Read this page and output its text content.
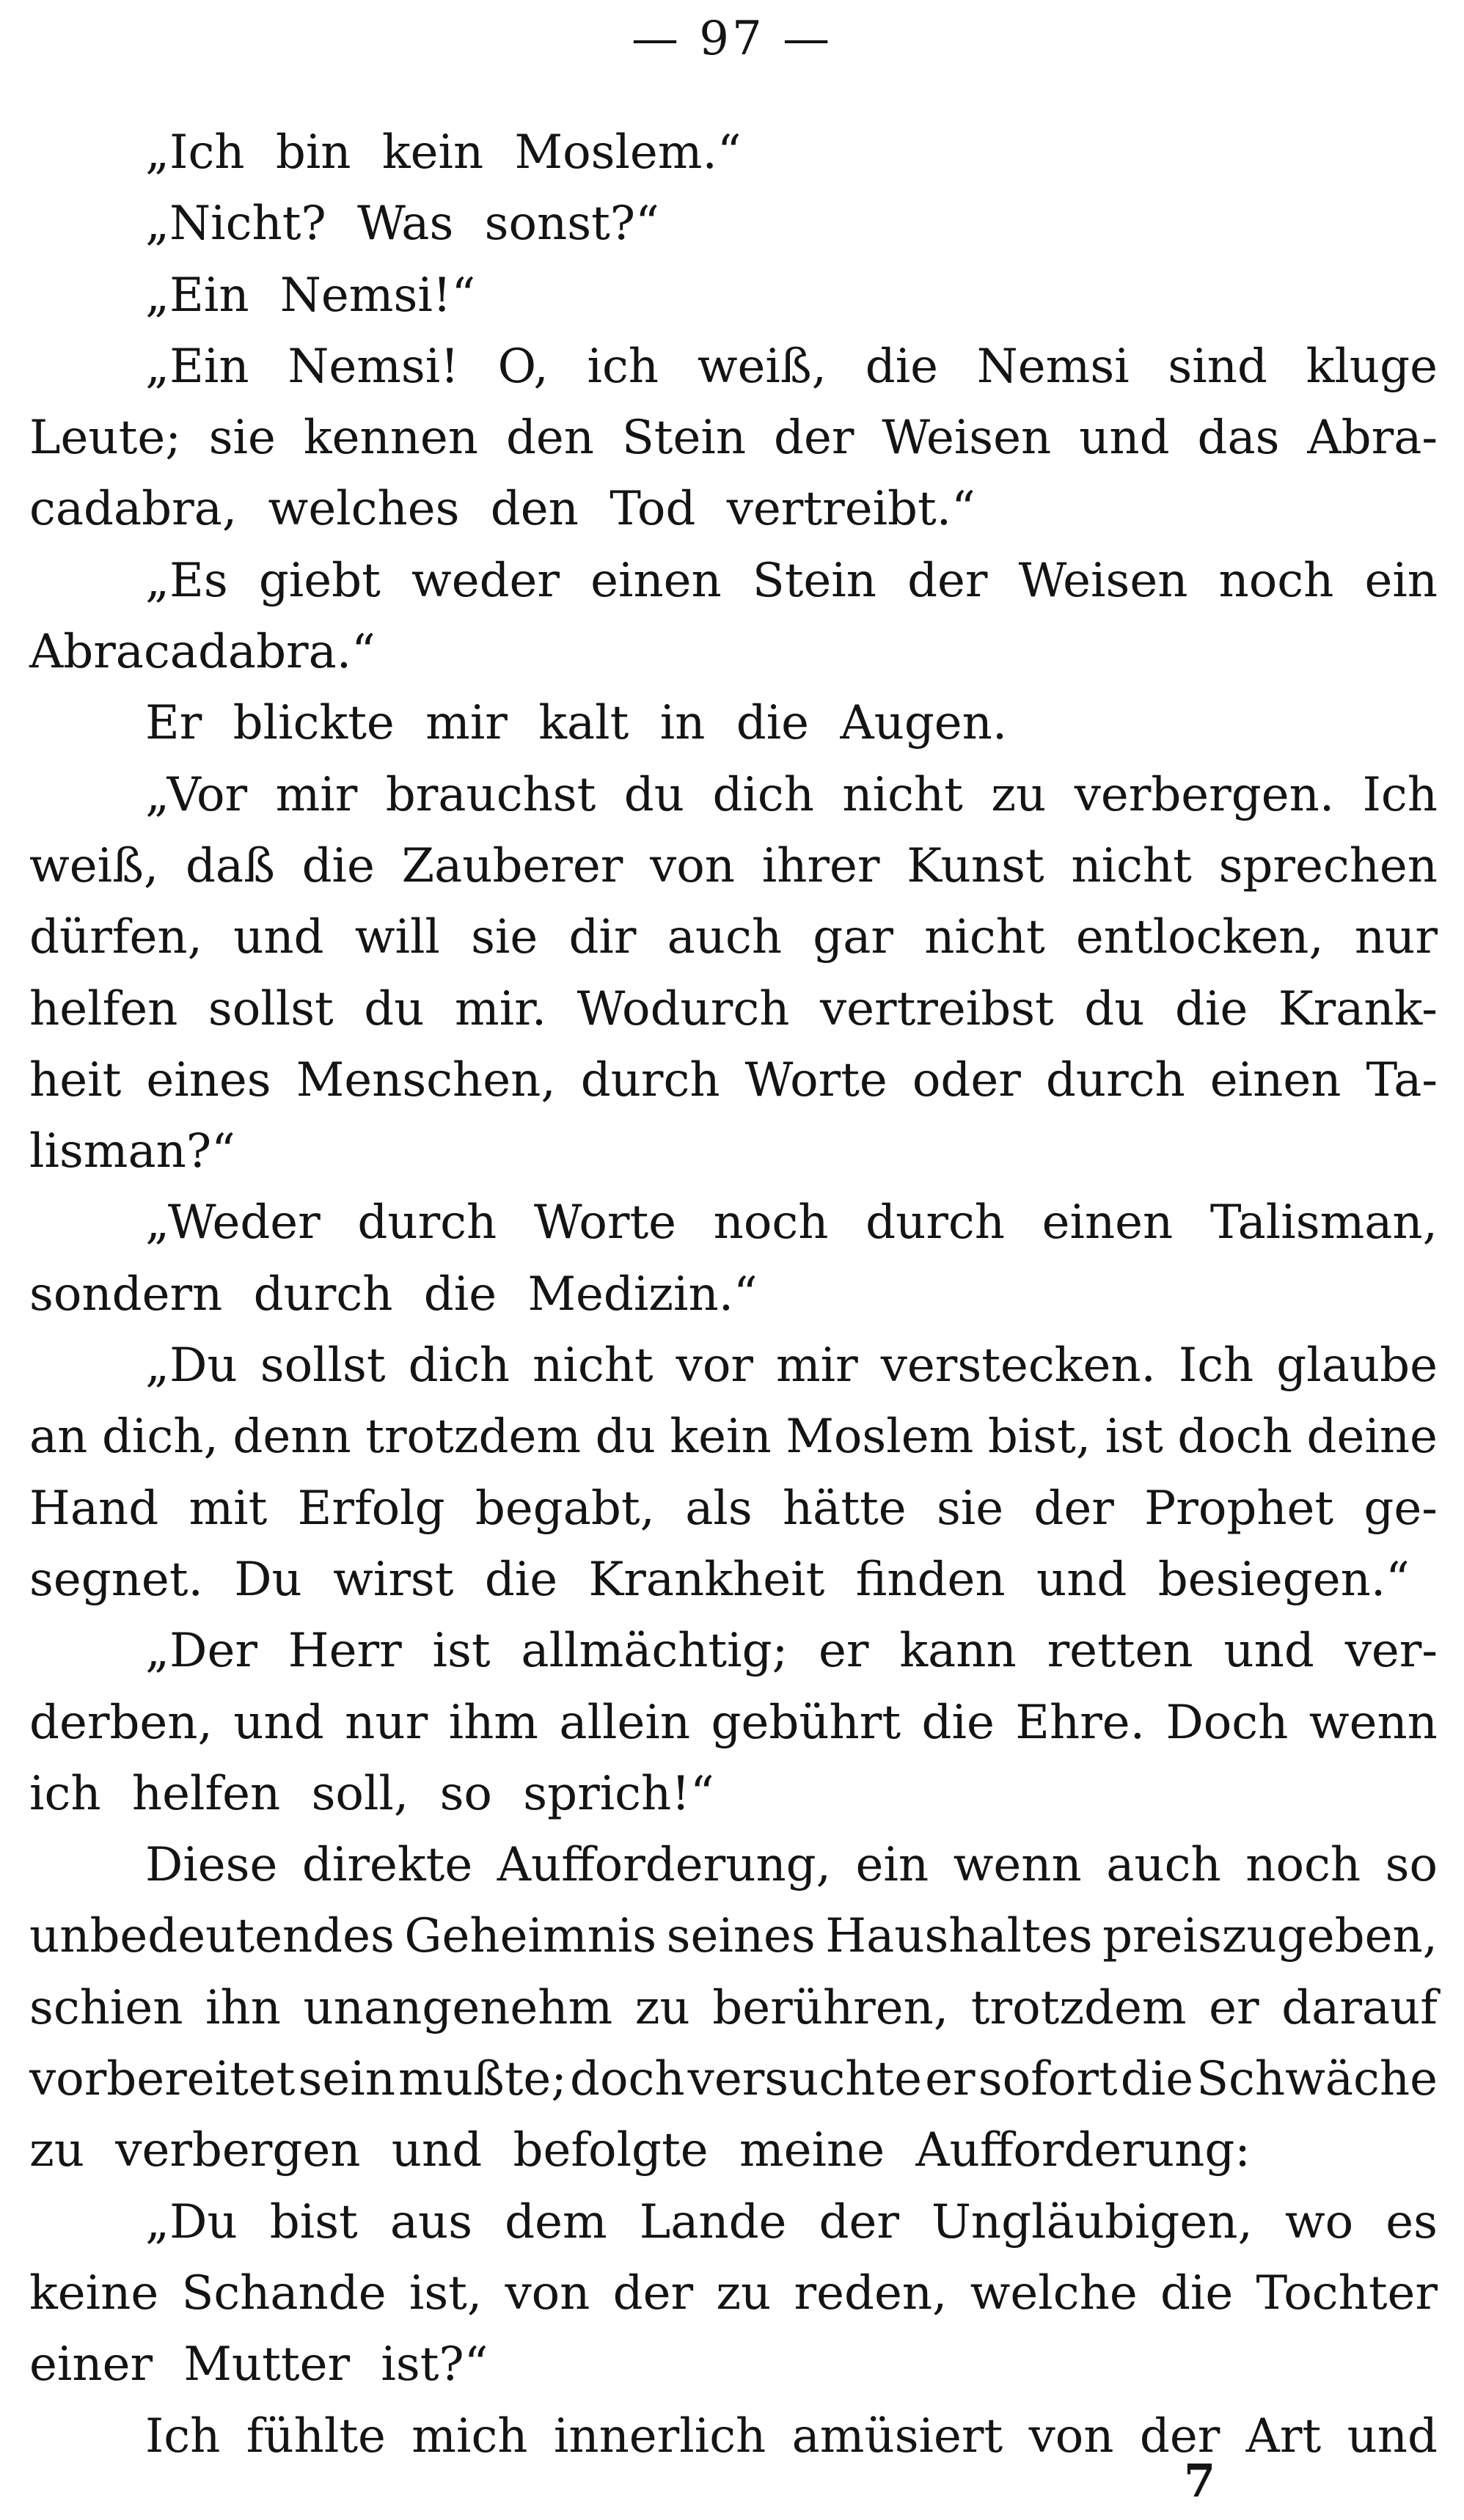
— 97 —
„Ich bin kein Moslem.“
„Nicht? Was sonst?“
„Ein Nemsi!“
„Ein Nemsi! O, ich weiß, die Nemsi sind kluge
Leute; sie kennen den Stein der Weisen und das Abra-
cadabra, welches den Tod vertreibt.“
„Es giebt weder einen Stein der Weisen noch ein
Abracadabra.“
Er blickte mir kalt in die Augen.
„Vor mir brauchst du dich nicht zu verbergen. Ich
weiß, daß die Zauberer von ihrer Kunst nicht sprechen
dürfen, und will sie dir auch gar nicht entlocken, nur
helfen sollst du mir. Wodurch vertreibst du die Krank-
heit eines Menschen, durch Worte oder durch einen Ta-
lisman?“
„Weder durch Worte noch durch einen Talisman,
sondern durch die Medizin.“
„Du sollst dich nicht vor mir verstecken. Ich glaube
an dich, denn trotzdem du kein Moslem bist, ist doch deine
Hand mit Erfolg begabt, als hätte sie der Prophet ge-
segnet. Du wirst die Krankheit finden und besiegen.“
„Der Herr ist allmächtig; er kann retten und ver-
derben, und nur ihm allein gebührt die Ehre. Doch wenn
ich helfen soll, so sprich!“
Diese direkte Aufforderung, ein wenn auch noch so
unbedeutendes Geheimnis seines Haushaltes preiszugeben,
schien ihn unangenehm zu berühren, trotzdem er darauf
vorbereitet sein mußte; doch versuchte er sofort die Schwäche
zu verbergen und befolgte meine Aufforderung:
„Du bist aus dem Lande der Ungläubigen, wo es
keine Schande ist, von der zu reden, welche die Tochter
einer Mutter ist?“
Ich fühlte mich innerlich amüsiert von der Art und
7
